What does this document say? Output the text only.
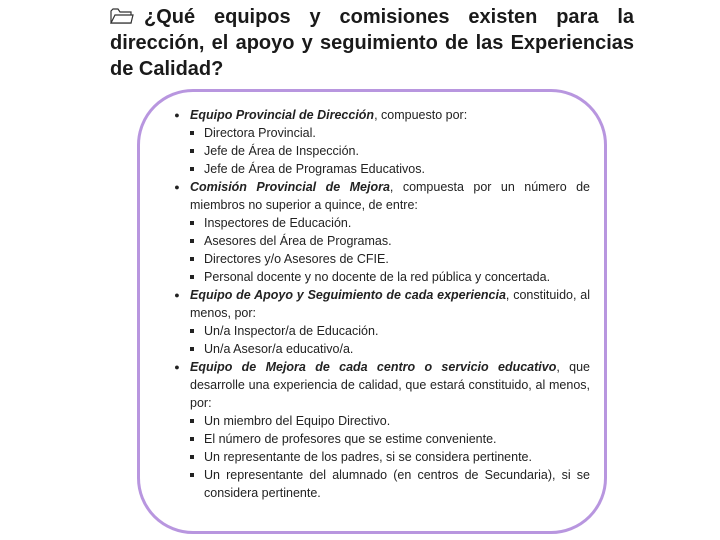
¿Qué equipos y comisiones existen para la dirección, el apoyo y seguimiento de las Experiencias de Calidad?
● Equipo Provincial de Dirección, compuesto por:
Directora Provincial.
Jefe de Área de Inspección.
Jefe de Área de Programas Educativos.
● Comisión Provincial de Mejora, compuesta por un número de miembros no superior a quince, de entre:
Inspectores de Educación.
Asesores del Área de Programas.
Directores y/o Asesores de CFIE.
Personal docente y no docente de la red pública y concertada.
● Equipo de Apoyo y Seguimiento de cada experiencia, constituido, al menos, por:
Un/a Inspector/a de Educación.
Un/a Asesor/a educativo/a.
● Equipo de Mejora de cada centro o servicio educativo, que desarrolle una experiencia de calidad, que estará constituido, al menos, por:
Un miembro del Equipo Directivo.
El número de profesores que se estime conveniente.
Un representante de los padres, si se considera pertinente.
Un representante del alumnado (en centros de Secundaria), si se considera pertinente.
